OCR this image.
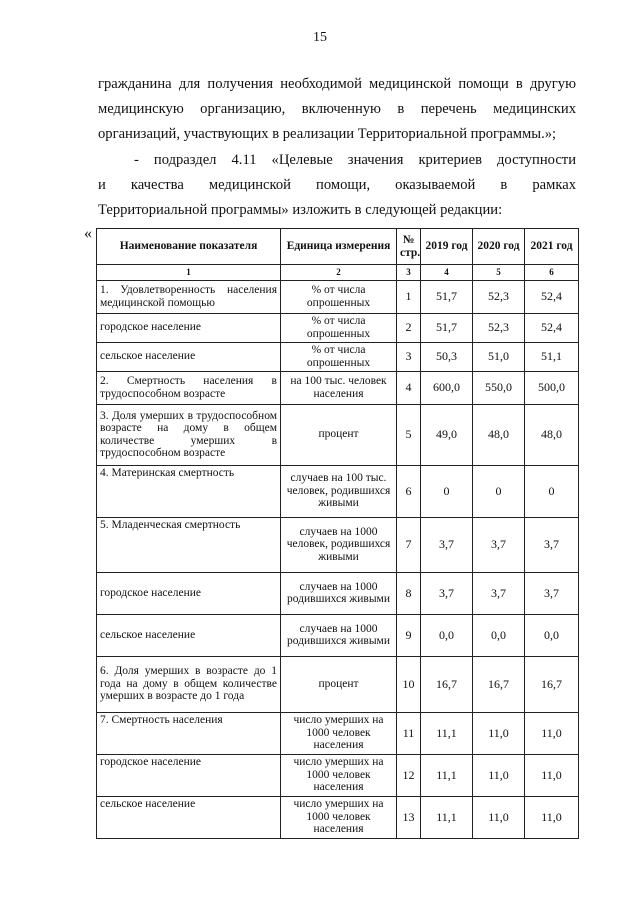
15
гражданина для получения необходимой медицинской помощи в другую
медицинскую организацию, включенную в перечень медицинских
организаций, участвующих в реализации Территориальной программы.»;
- подраздел 4.11 «Целевые значения критериев доступности
и качества медицинской помощи, оказываемой в рамках
Территориальной программы» изложить в следующей редакции:
«
Наименование показателя	Единица измерения	№ стр.	2019 год	2020 год	2021 год
1	2	3	4	5	6
1. Удовлетворенность населения медицинской помощью	% от числа опрошенных	1	51,7	52,3	52,4
городское население	% от числа опрошенных	2	51,7	52,3	52,4
сельское население	% от числа опрошенных	3	50,3	51,0	51,1
2. Смертность населения в трудоспособном возрасте	на 100 тыс. человек населения	4	600,0	550,0	500,0
3. Доля умерших в трудоспособном возрасте на дому в общем количестве умерших в трудоспособном возрасте	процент	5	49,0	48,0	48,0
4. Материнская смертность	случаев на 100 тыс. человек, родившихся живыми	6	0	0	0
5. Младенческая смертность	случаев на 1000 человек, родившихся живыми	7	3,7	3,7	3,7
городское население	случаев на 1000 родившихся живыми	8	3,7	3,7	3,7
сельское население	случаев на 1000 родившихся живыми	9	0,0	0,0	0,0
6. Доля умерших в возрасте до 1 года на дому в общем количестве умерших в возрасте до 1 года	процент	10	16,7	16,7	16,7
7. Смертность населения	число умерших на 1000 человек населения	11	11,1	11,0	11,0
городское население	число умерших на 1000 человек населения	12	11,1	11,0	11,0
сельское население	число умерших на 1000 человек населения	13	11,1	11,0	11,0
